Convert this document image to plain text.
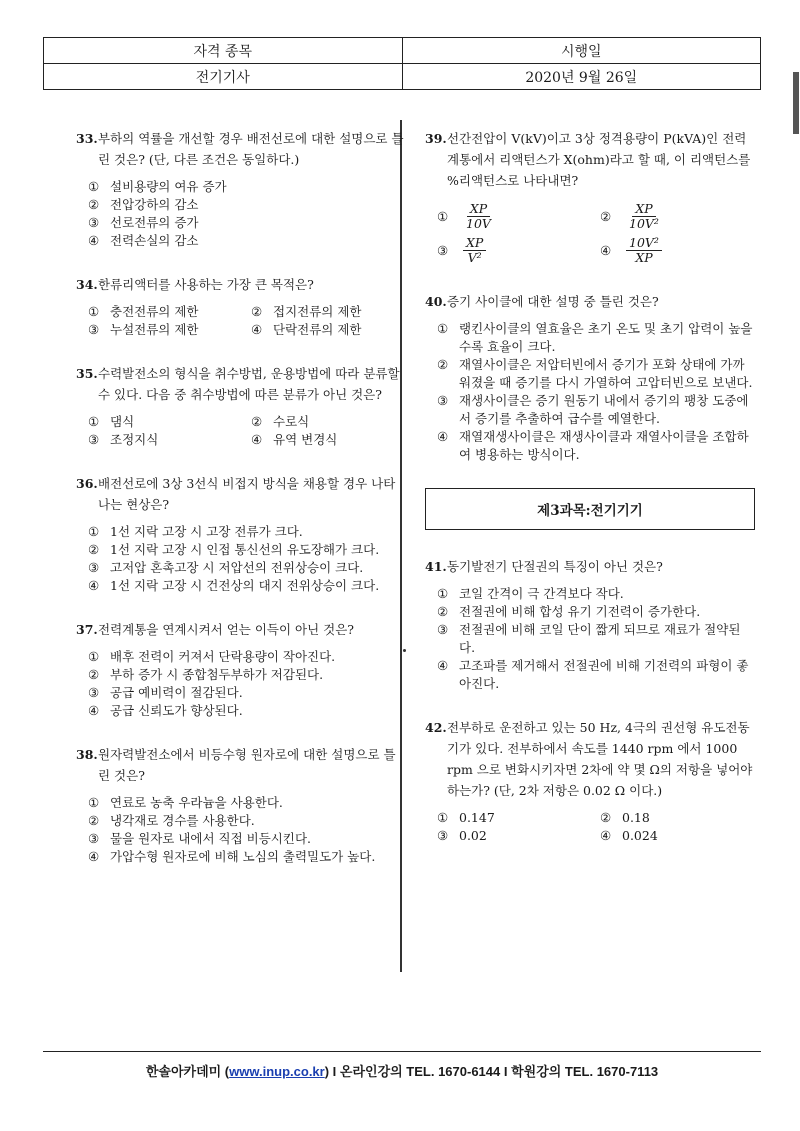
자격 종목	시행일
전기기사	2020년 9월 26일
33. 부하의 역률을 개선할 경우 배전선로에 대한 설명으로 틀린 것은? (단, 다른 조건은 동일하다.)
① 설비용량의 여유 증가
② 전압강하의 감소
③ 선로전류의 증가
④ 전력손실의 감소
34. 한류리액터를 사용하는 가장 큰 목적은?
① 충전전류의 제한	② 접지전류의 제한
③ 누설전류의 제한	④ 단락전류의 제한
35. 수력발전소의 형식을 취수방법, 운용방법에 따라 분류할 수 있다. 다음 중 취수방법에 따른 분류가 아닌 것은?
① 댐식	② 수로식
③ 조정지식	④ 유역 변경식
36. 배전선로에 3상 3선식 비접지 방식을 채용할 경우 나타나는 현상은?
① 1선 지락 고장 시 고장 전류가 크다.
② 1선 지락 고장 시 인접 통신선의 유도장해가 크다.
③ 고저압 혼촉고장 시 저압선의 전위상승이 크다.
④ 1선 지락 고장 시 건전상의 대지 전위상승이 크다.
37. 전력계통을 연계시켜서 얻는 이득이 아닌 것은?
① 배후 전력이 커져서 단락용량이 작아진다.
② 부하 증가 시 종합첨두부하가 저감된다.
③ 공급 예비력이 절감된다.
④ 공급 신뢰도가 향상된다.
38. 원자력발전소에서 비등수형 원자로에 대한 설명으로 틀린 것은?
① 연료로 농축 우라늄을 사용한다.
② 냉각재로 경수를 사용한다.
③ 물을 원자로 내에서 직접 비등시킨다.
④ 가압수형 원자로에 비해 노심의 출력밀도가 높다.
39. 선간전압이 V(kV)이고 3상 정격용량이 P(kVA)인 전력계통에서 리액턴스가 X(ohm)라고 할 때, 이 리액턴스를 %리액턴스로 나타내면?
①	$\frac{XP}{10V}$	②	$\frac{XP}{\text{10V²}}$
③	$\frac{XP}{\text{V²}}$	④	$\frac{\text{10V²}}{XP}$
40. 증기 사이클에 대한 설명 중 틀린 것은?
① 랭킨사이클의 열효율은 초기 온도 및 초기 압력이 높을수록 효율이 크다.
② 재열사이클은 저압터빈에서 증기가 포화 상태에 가까워졌을 때 증기를 다시 가열하여 고압터빈으로 보낸다.
③ 재생사이클은 증기 원동기 내에서 증기의 팽창 도중에서 증기를 추출하여 급수를 예열한다.
④ 재열재생사이클은 재생사이클과 재열사이클을 조합하여 병용하는 방식이다.
제3과목:전기기기
41. 동기발전기 단절권의 특징이 아닌 것은?
① 코일 간격이 극 간격보다 작다.
② 전절권에 비해 합성 유기 기전력이 증가한다.
③ 전절권에 비해 코일 단이 짧게 되므로 재료가 절약된다.
④ 고조파를 제거해서 전절권에 비해 기전력의 파형이 좋아진다.
42. 전부하로 운전하고 있는 50 Hz, 4극의 권선형 유도전동기가 있다. 전부하에서 속도를 1440 rpm 에서 1000 rpm 으로 변화시키자면 2차에 약 몇 Ω의 저항을 넣어야 하는가? (단, 2차 저항은 0.02 Ω 이다.)
① 0.147	② 0.18
③ 0.02	④ 0.024
한솔아카데미 (www.inup.co.kr) I 온라인강의 TEL. 1670-6144 I 학원강의 TEL. 1670-7113
